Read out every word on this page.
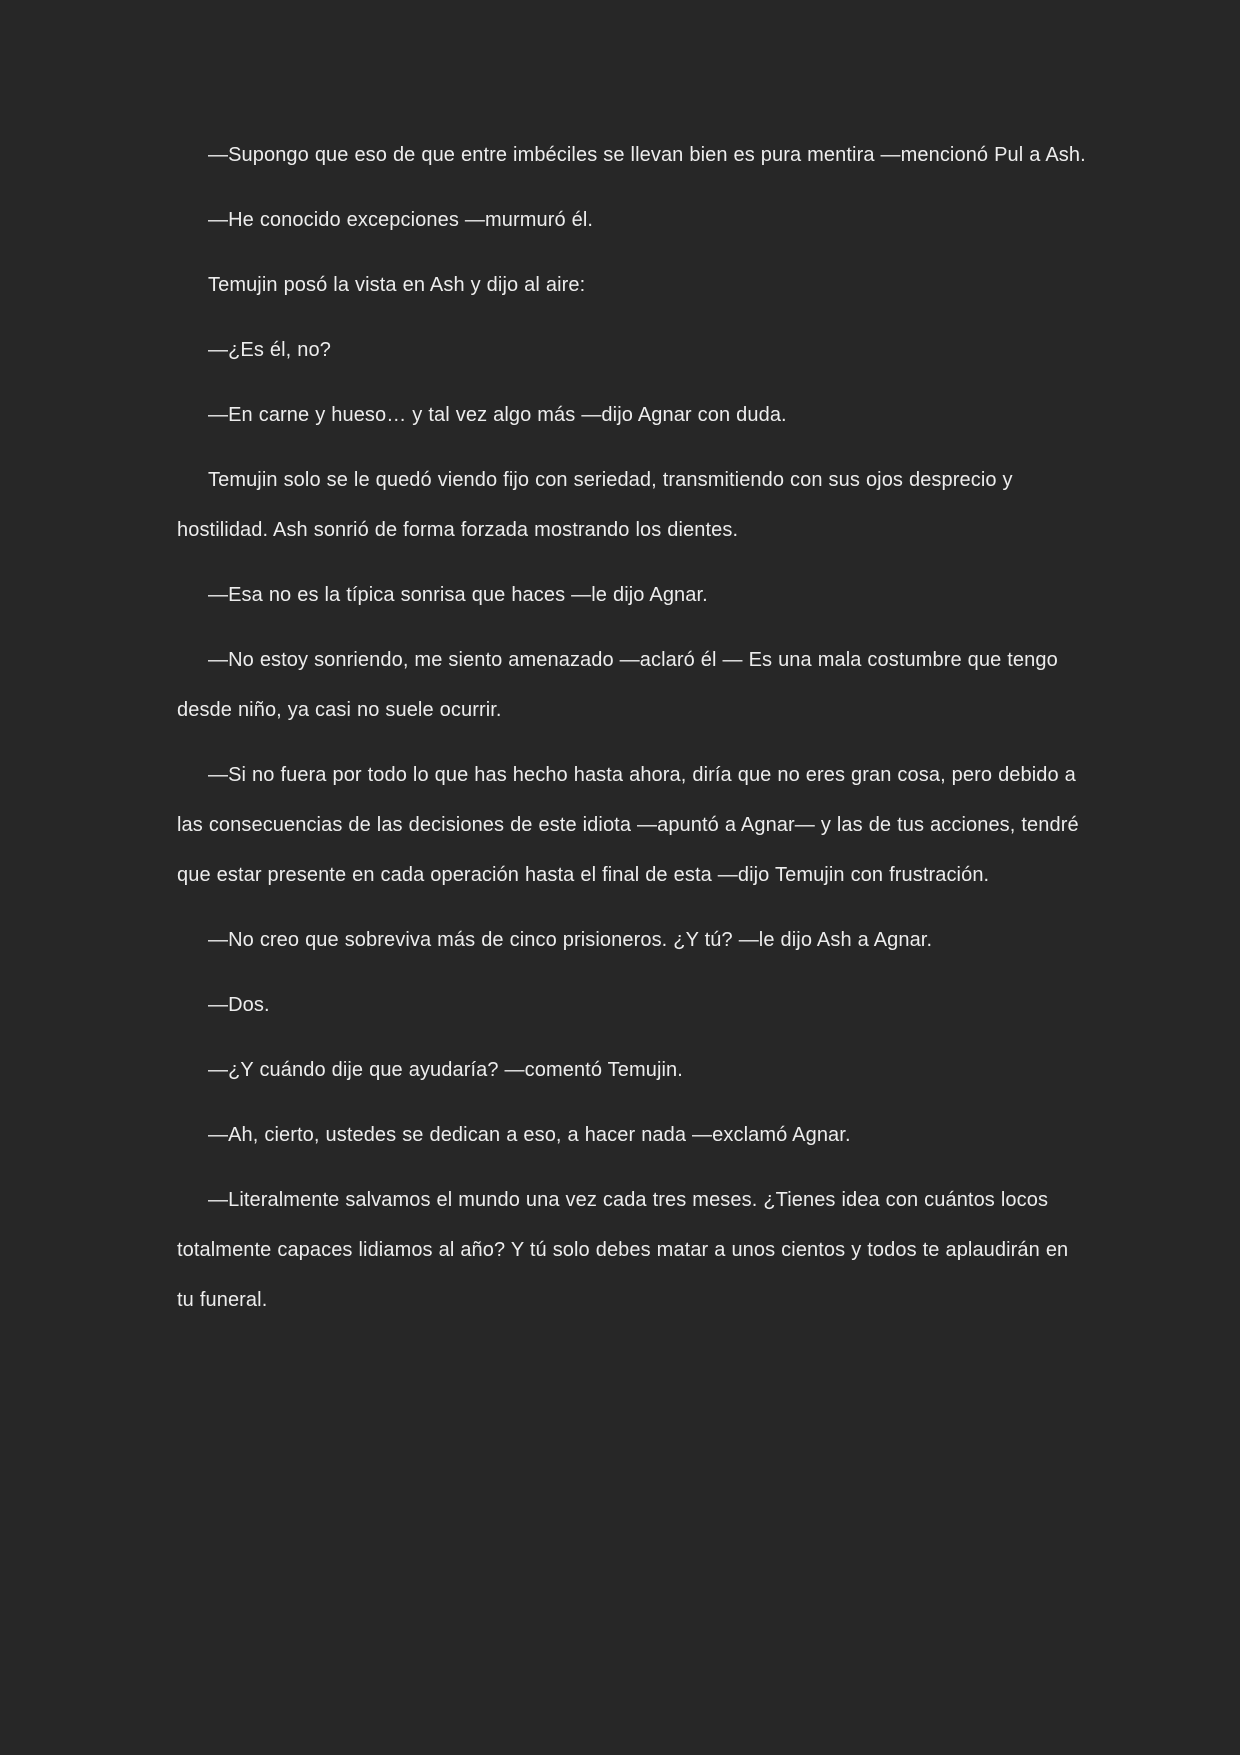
—Supongo que eso de que entre imbéciles se llevan bien es pura mentira —mencionó Pul a Ash.

—He conocido excepciones —murmuró él.

Temujin posó la vista en Ash y dijo al aire:

—¿Es él, no?

—En carne y hueso… y tal vez algo más —dijo Agnar con duda.

Temujin solo se le quedó viendo fijo con seriedad, transmitiendo con sus ojos desprecio y hostilidad. Ash sonrió de forma forzada mostrando los dientes.

—Esa no es la típica sonrisa que haces —le dijo Agnar.

—No estoy sonriendo, me siento amenazado —aclaró él — Es una mala costumbre que tengo desde niño, ya casi no suele ocurrir.

—Si no fuera por todo lo que has hecho hasta ahora, diría que no eres gran cosa, pero debido a las consecuencias de las decisiones de este idiota —apuntó a Agnar— y las de tus acciones, tendré que estar presente en cada operación hasta el final de esta —dijo Temujin con frustración.

—No creo que sobreviva más de cinco prisioneros. ¿Y tú? —le dijo Ash a Agnar.

—Dos.

—¿Y cuándo dije que ayudaría? —comentó Temujin.

—Ah, cierto, ustedes se dedican a eso, a hacer nada —exclamó Agnar.

—Literalmente salvamos el mundo una vez cada tres meses. ¿Tienes idea con cuántos locos totalmente capaces lidiamos al año? Y tú solo debes matar a unos cientos y todos te aplaudirán en tu funeral.
